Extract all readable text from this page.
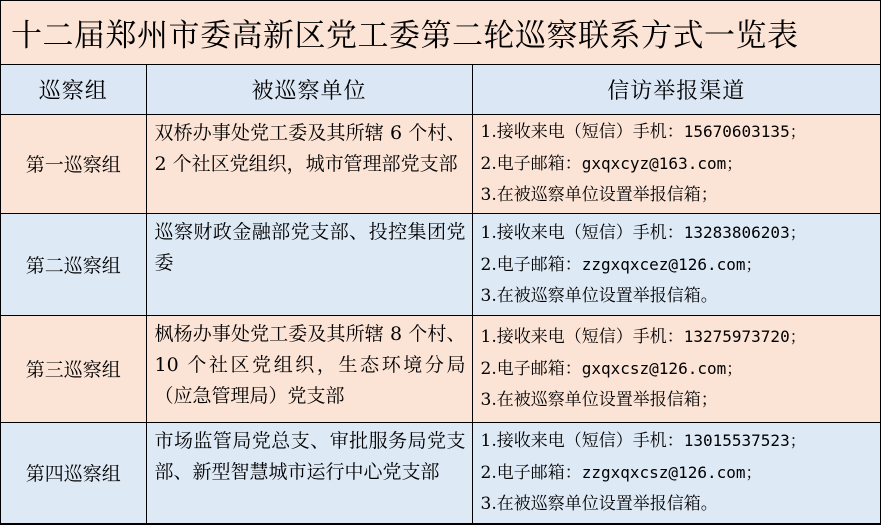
十二届郑州市委高新区党工委第二轮巡察联系方式一览表
巡察组	被巡察单位	信访举报渠道
第一巡察组	双桥办事处党工委及其所辖 6 个村、2 个社区党组织，城市管理部党支部	1.接收来电（短信）手机：15670603135；
2.电子邮箱：gxqxcyz@163.com；
3.在被巡察单位设置举报信箱；

第二巡察组	巡察财政金融部党支部、投控集团党委	1.接收来电（短信）手机：13283806203；
2.电子邮箱：zzgxqxcez@126.com；
3.在被巡察单位设置举报信箱。

第三巡察组	枫杨办事处党工委及其所辖 8 个村、10 个社区党组织，生态环境分局（应急管理局）党支部	1.接收来电（短信）手机：13275973720；
2.电子邮箱：gxqxcsz@126.com；
3.在被巡察单位设置举报信箱；

第四巡察组	市场监管局党总支、审批服务局党支部、新型智慧城市运行中心党支部	1.接收来电（短信）手机：13015537523；
2.电子邮箱：zzgxqxcsz@126.com；
3.在被巡察单位设置举报信箱。
